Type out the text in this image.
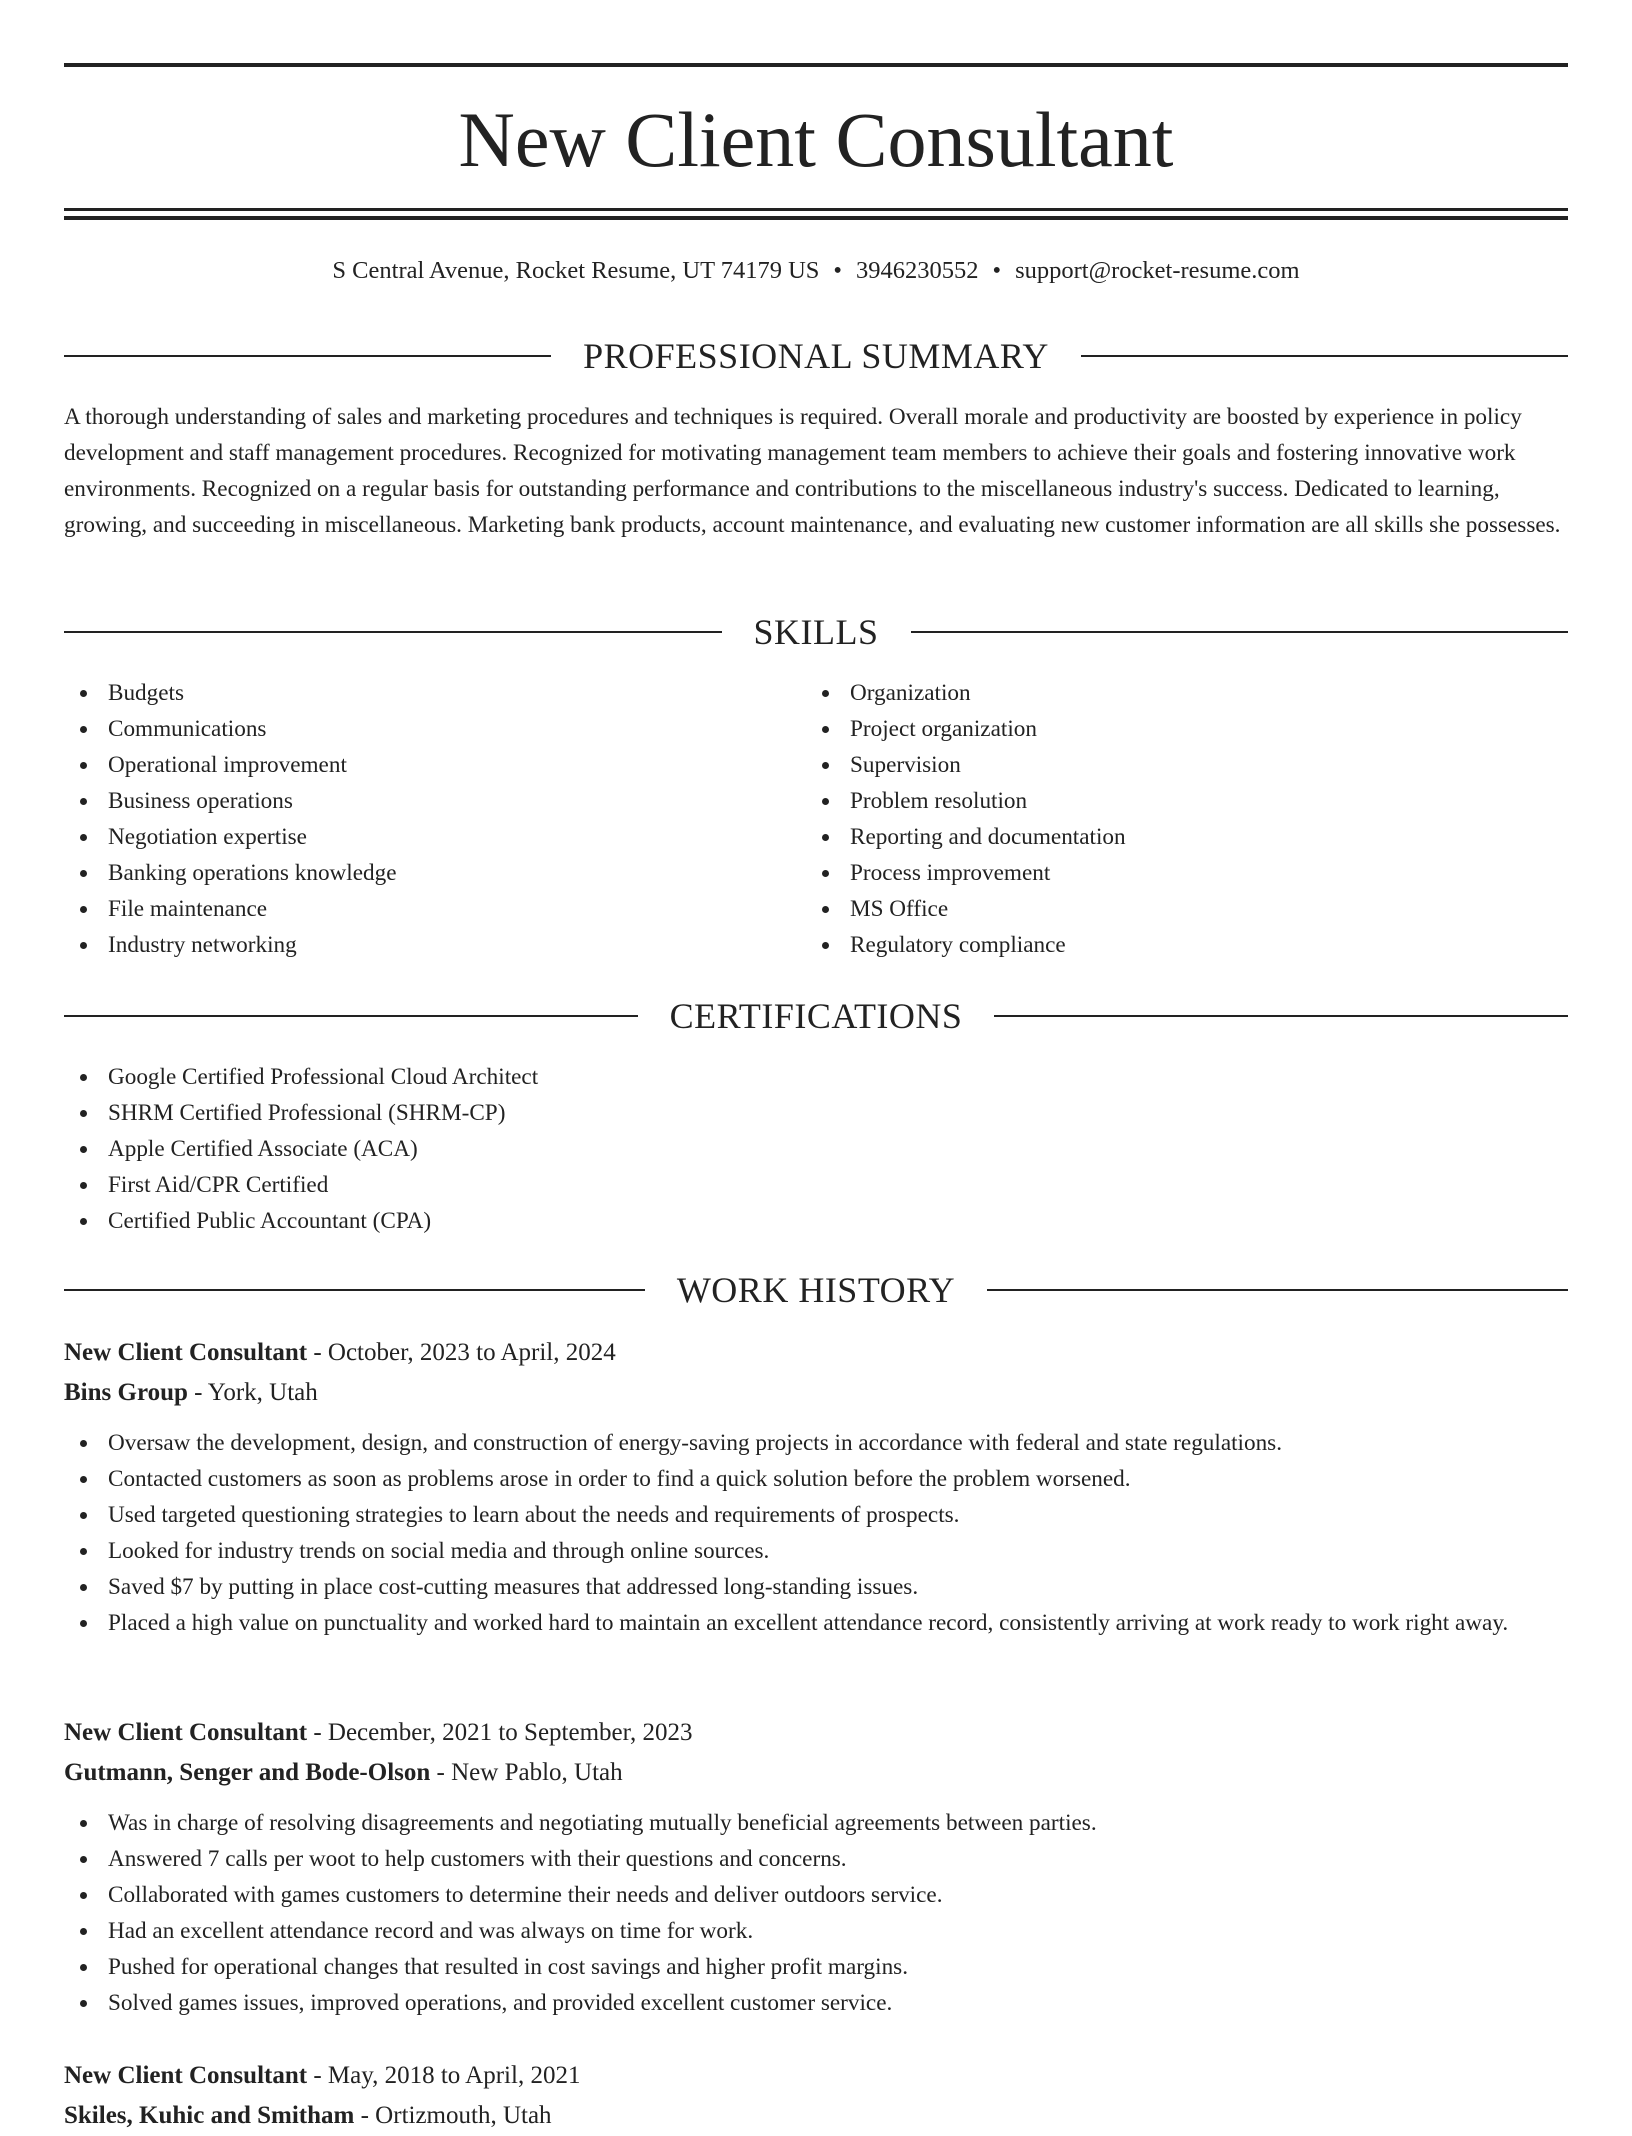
New Client Consultant
S Central Avenue, Rocket Resume, UT 74179 US • 3946230552 • support@rocket-resume.com
PROFESSIONAL SUMMARY

A thorough understanding of sales and marketing procedures and techniques is required. Overall morale and productivity are boosted by experience in policy development and staff management procedures. Recognized for motivating management team members to achieve their goals and fostering innovative work environments. Recognized on a regular basis for outstanding performance and contributions to the miscellaneous industry's success. Dedicated to learning, growing, and succeeding in miscellaneous. Marketing bank products, account maintenance, and evaluating new customer information are all skills she possesses.

SKILLS
Budgets
Communications
Operational improvement
Business operations
Negotiation expertise
Banking operations knowledge
File maintenance
Industry networking
Organization
Project organization
Supervision
Problem resolution
Reporting and documentation
Process improvement
MS Office
Regulatory compliance
CERTIFICATIONS
Google Certified Professional Cloud Architect
SHRM Certified Professional (SHRM-CP)
Apple Certified Associate (ACA)
First Aid/CPR Certified
Certified Public Accountant (CPA)
WORK HISTORY
New Client Consultant - October, 2023 to April, 2024
Bins Group - York, Utah
Oversaw the development, design, and construction of energy-saving projects in accordance with federal and state regulations.
Contacted customers as soon as problems arose in order to find a quick solution before the problem worsened.
Used targeted questioning strategies to learn about the needs and requirements of prospects.
Looked for industry trends on social media and through online sources.
Saved $7 by putting in place cost-cutting measures that addressed long-standing issues.
Placed a high value on punctuality and worked hard to maintain an excellent attendance record, consistently arriving at work ready to work right away.
New Client Consultant - December, 2021 to September, 2023
Gutmann, Senger and Bode-Olson - New Pablo, Utah
Was in charge of resolving disagreements and negotiating mutually beneficial agreements between parties.
Answered 7 calls per woot to help customers with their questions and concerns.
Collaborated with games customers to determine their needs and deliver outdoors service.
Had an excellent attendance record and was always on time for work.
Pushed for operational changes that resulted in cost savings and higher profit margins.
Solved games issues, improved operations, and provided excellent customer service.
New Client Consultant - May, 2018 to April, 2021
Skiles, Kuhic and Smitham - Ortizmouth, Utah
